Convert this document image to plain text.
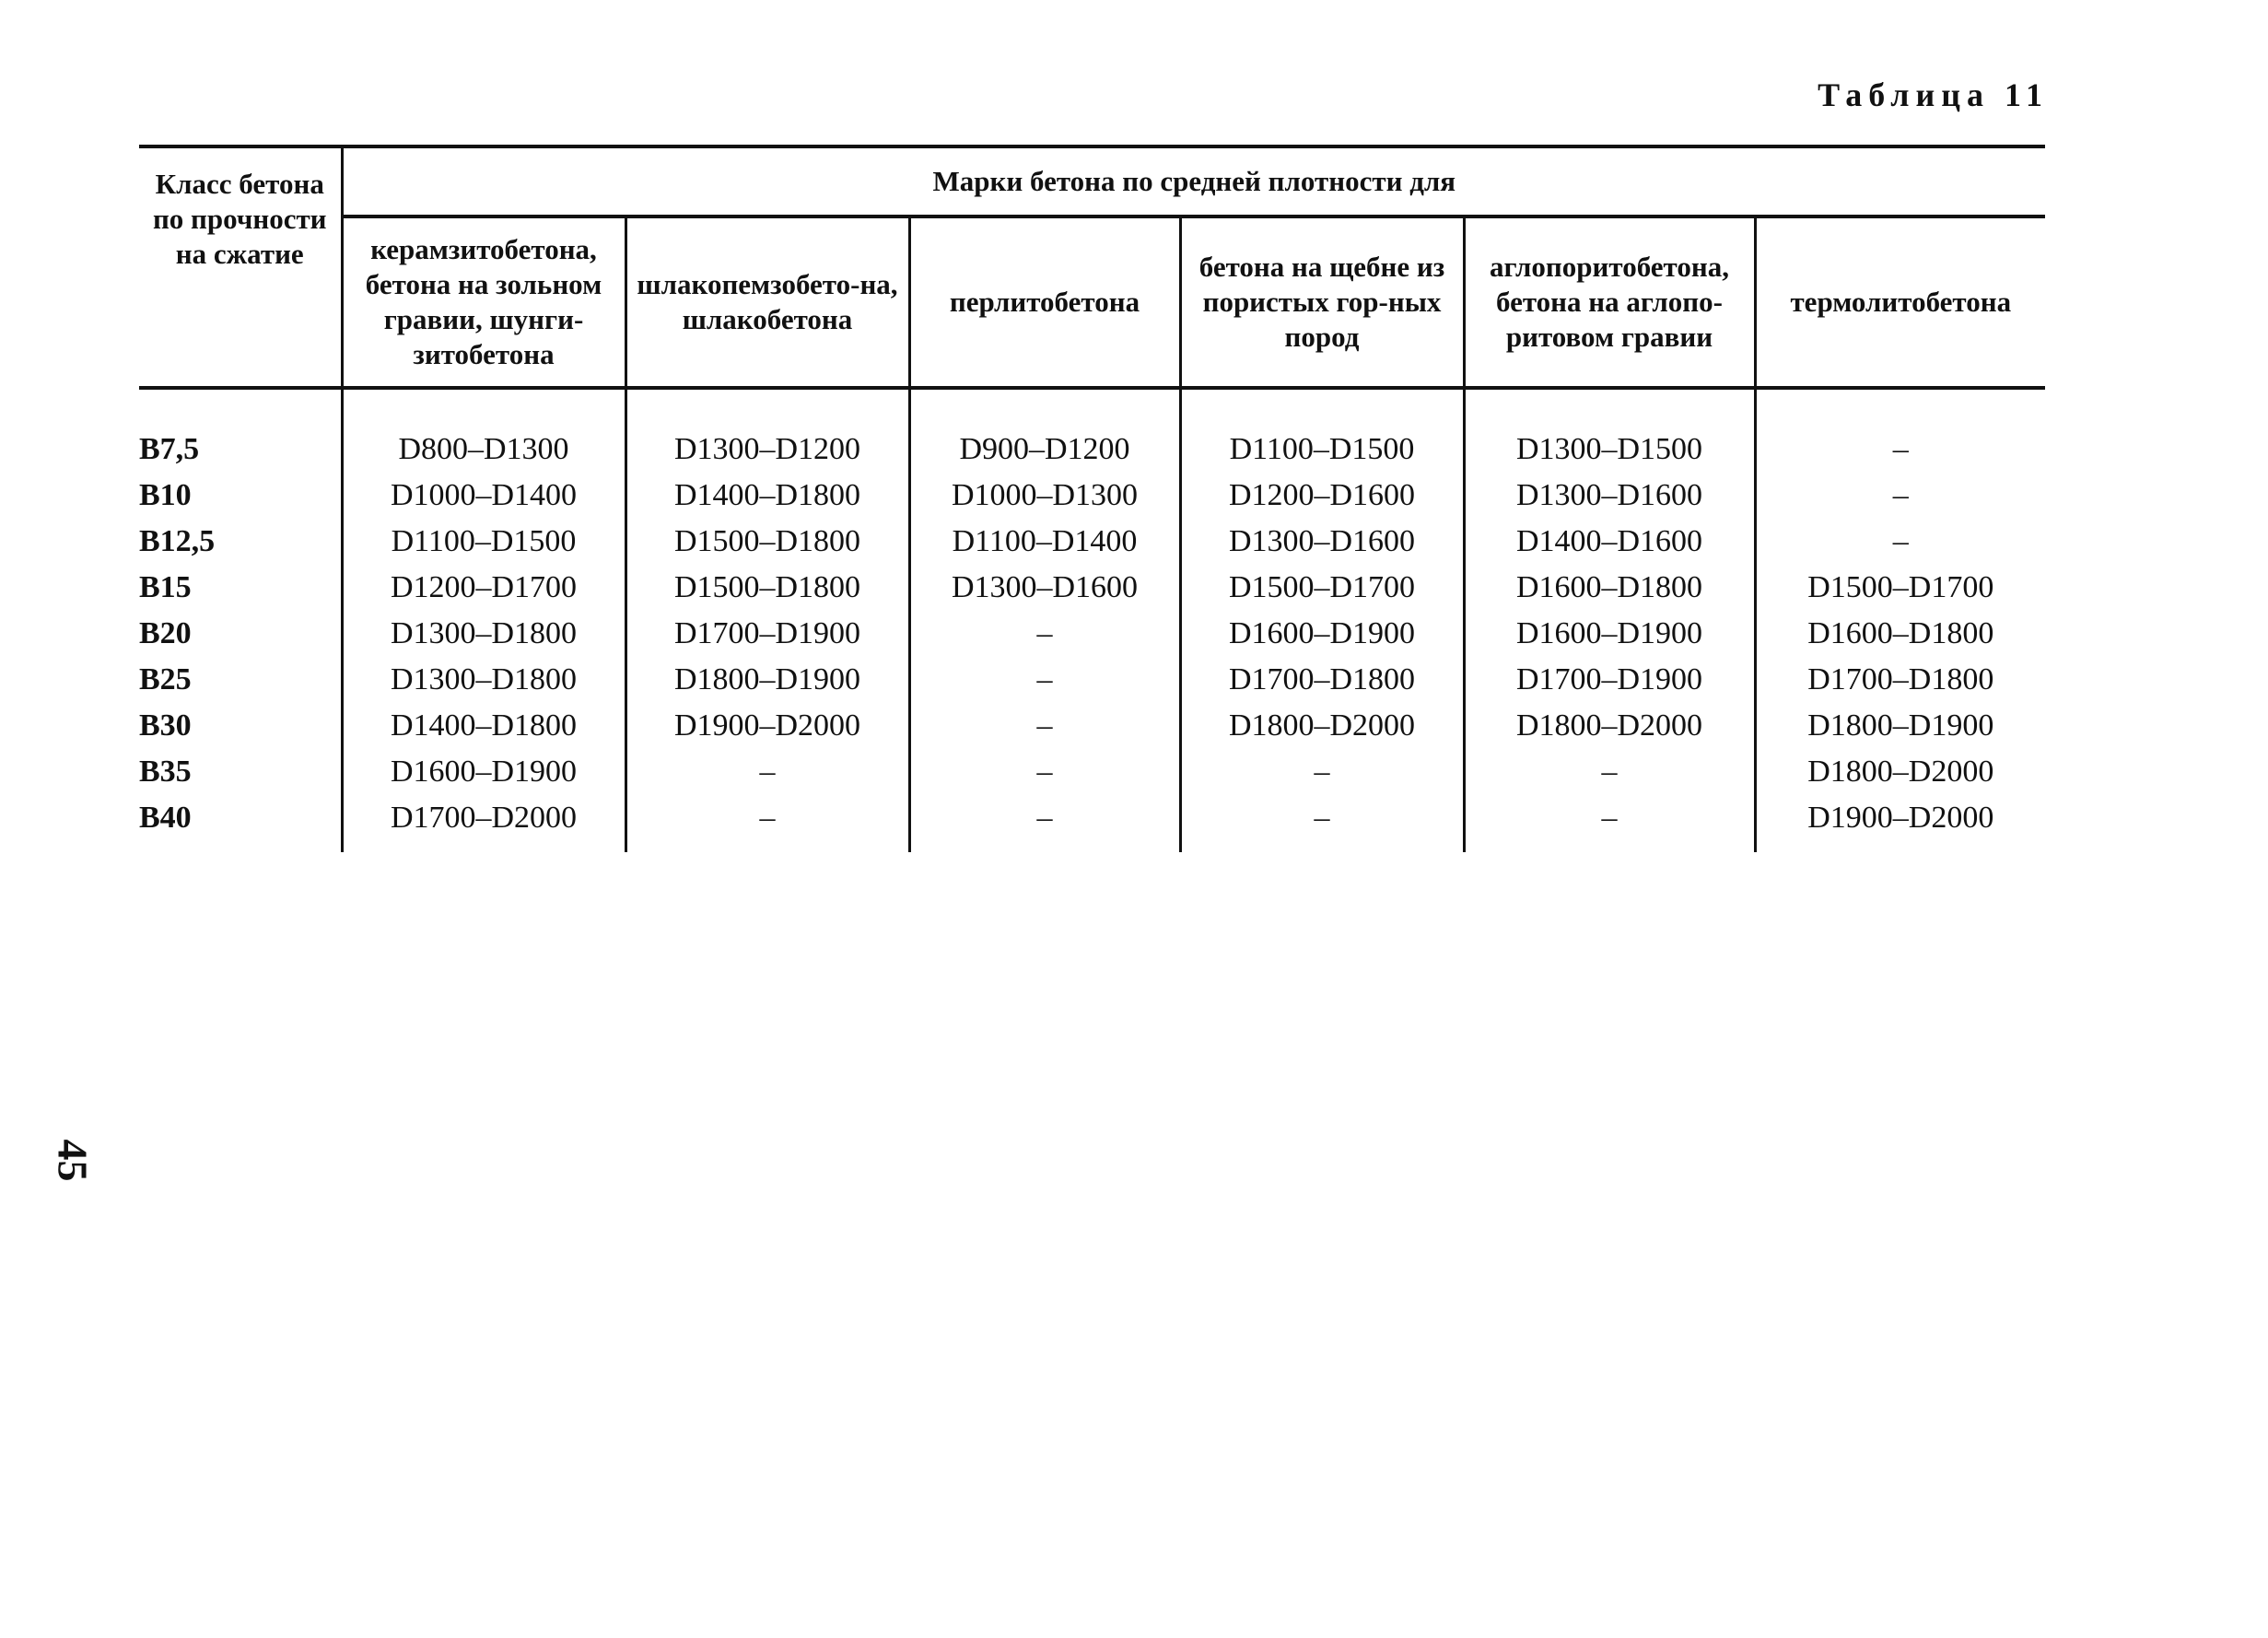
Таблица 11
Класс бетона по прочности на сжатие	Марки бетона по средней плотности для					
	керамзитобетона, бетона на зольном гравии, шунги-зитобетона	шлакопемзобето-на, шлакобетона	перлитобетона	бетона на щебне из пористых гор-ных пород	аглопоритобетона, бетона на аглопо-ритовом гравии	термолитобетона
B7,5	D800–D1300	D1300–D1200	D900–D1200	D1100–D1500	D1300–D1500	–
B10	D1000–D1400	D1400–D1800	D1000–D1300	D1200–D1600	D1300–D1600	–
B12,5	D1100–D1500	D1500–D1800	D1100–D1400	D1300–D1600	D1400–D1600	–
B15	D1200–D1700	D1500–D1800	D1300–D1600	D1500–D1700	D1600–D1800	D1500–D1700
B20	D1300–D1800	D1700–D1900	–	D1600–D1900	D1600–D1900	D1600–D1800
B25	D1300–D1800	D1800–D1900	–	D1700–D1800	D1700–D1900	D1700–D1800
B30	D1400–D1800	D1900–D2000	–	D1800–D2000	D1800–D2000	D1800–D1900
B35	D1600–D1900	–	–	–	–	D1800–D2000
B40	D1700–D2000	–	–	–	–	D1900–D2000
45
